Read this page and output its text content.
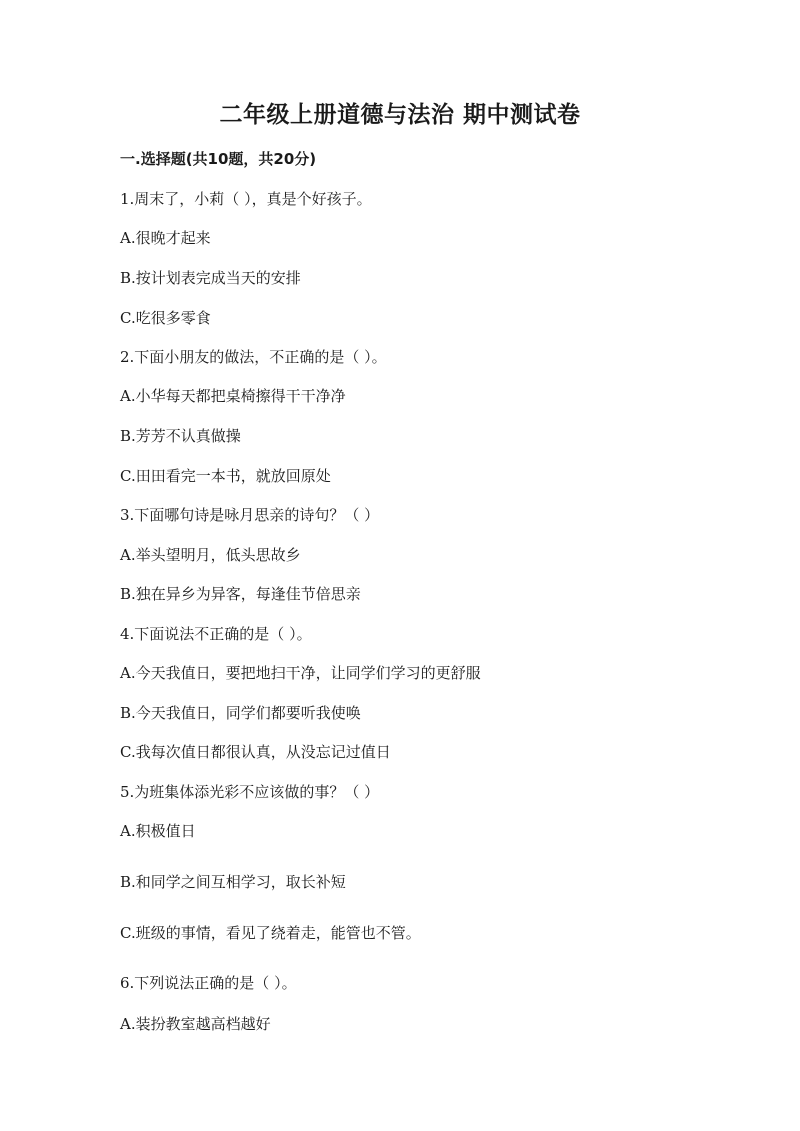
二年级上册道德与法治 期中测试卷
一.选择题(共10题，共20分)
1.周末了，小莉（ ），真是个好孩子。
A.很晚才起来
B.按计划表完成当天的安排
C.吃很多零食
2.下面小朋友的做法，不正确的是（ ）。
A.小华每天都把桌椅擦得干干净净
B.芳芳不认真做操
C.田田看完一本书，就放回原处
3.下面哪句诗是咏月思亲的诗句？（ ）
A.举头望明月，低头思故乡
B.独在异乡为异客，每逢佳节倍思亲
4.下面说法不正确的是（ ）。
A.今天我值日，要把地扫干净，让同学们学习的更舒服
B.今天我值日，同学们都要听我使唤
C.我每次值日都很认真，从没忘记过值日
5.为班集体添光彩不应该做的事？（ ）
A.积极值日
B.和同学之间互相学习，取长补短
C.班级的事情，看见了绕着走，能管也不管。
6.下列说法正确的是（ ）。
A.装扮教室越高档越好
